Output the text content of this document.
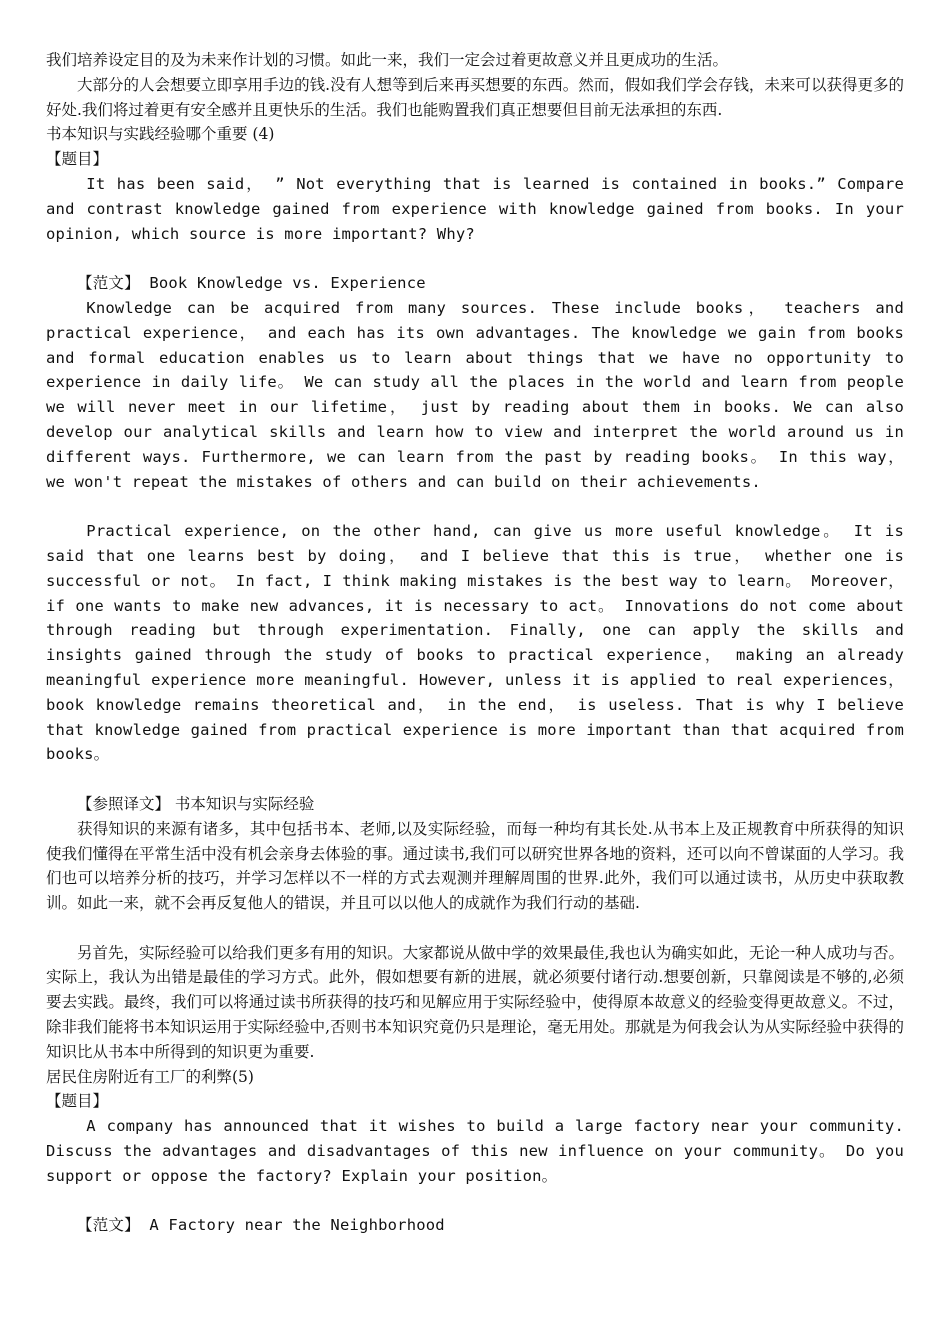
我们培养设定目的及为未来作计划的习惯。如此一来，我们一定会过着更故意义并且更成功的生活。

大部分的人会想要立即享用手边的钱.没有人想等到后来再买想要的东西。然而，假如我们学会存钱，未来可以获得更多的好处.我们将过着更有安全感并且更快乐的生活。我们也能购置我们真正想要但目前无法承担的东西.

书本知识与实践经验哪个重要 (4)

【题目】

It has been said， ” Not everything that is learned is contained in books.” Compare and contrast knowledge gained from experience with knowledge gained from books. In your opinion, which source is more important? Why?

【范文】 Book Knowledge vs. Experience

Knowledge can be acquired from many sources. These include books， teachers and practical experience， and each has its own advantages. The knowledge we gain from books and formal education enables us to learn about things that we have no opportunity to experience in daily life。 We can study all the places in the world and learn from people we will never meet in our lifetime， just by reading about them in books. We can also develop our analytical skills and learn how to view and interpret the world around us in different ways. Furthermore, we can learn from the past by reading books。 In this way， we won't repeat the mistakes of others and can build on their achievements.

Practical experience, on the other hand, can give us more useful knowledge。 It is said that one learns best by doing， and I believe that this is true， whether one is successful or not。 In fact, I think making mistakes is the best way to learn。 Moreover， if one wants to make new advances, it is necessary to act。 Innovations do not come about through reading but through experimentation. Finally, one can apply the skills and insights gained through the study of books to practical experience， making an already meaningful experience more meaningful. However, unless it is applied to real experiences， book knowledge remains theoretical and， in the end， is useless. That is why I believe that knowledge gained from practical experience is more important than that acquired from books。

【参照译文】 书本知识与实际经验

获得知识的来源有诸多，其中包括书本、老师,以及实际经验，而每一种均有其长处.从书本上及正规教育中所获得的知识使我们懂得在平常生活中没有机会亲身去体验的事。通过读书,我们可以研究世界各地的资料，还可以向不曾谋面的人学习。我们也可以培养分析的技巧，并学习怎样以不一样的方式去观测并理解周围的世界.此外，我们可以通过读书，从历史中获取教训。如此一来，就不会再反复他人的错误，并且可以以他人的成就作为我们行动的基础.

另首先，实际经验可以给我们更多有用的知识。大家都说从做中学的效果最佳,我也认为确实如此，无论一种人成功与否。实际上，我认为出错是最佳的学习方式。此外，假如想要有新的进展，就必须要付诸行动.想要创新，只靠阅读是不够的,必须要去实践。最终，我们可以将通过读书所获得的技巧和见解应用于实际经验中，使得原本故意义的经验变得更故意义。不过，除非我们能将书本知识运用于实际经验中,否则书本知识究竟仍只是理论，毫无用处。那就是为何我会认为从实际经验中获得的知识比从书本中所得到的知识更为重要.

居民住房附近有工厂的利弊(5)

【题目】

A company has announced that it wishes to build a large factory near your community. Discuss the advantages and disadvantages of this new influence on your community。 Do you support or oppose the factory? Explain your position。

【范文】 A Factory near the Neighborhood
